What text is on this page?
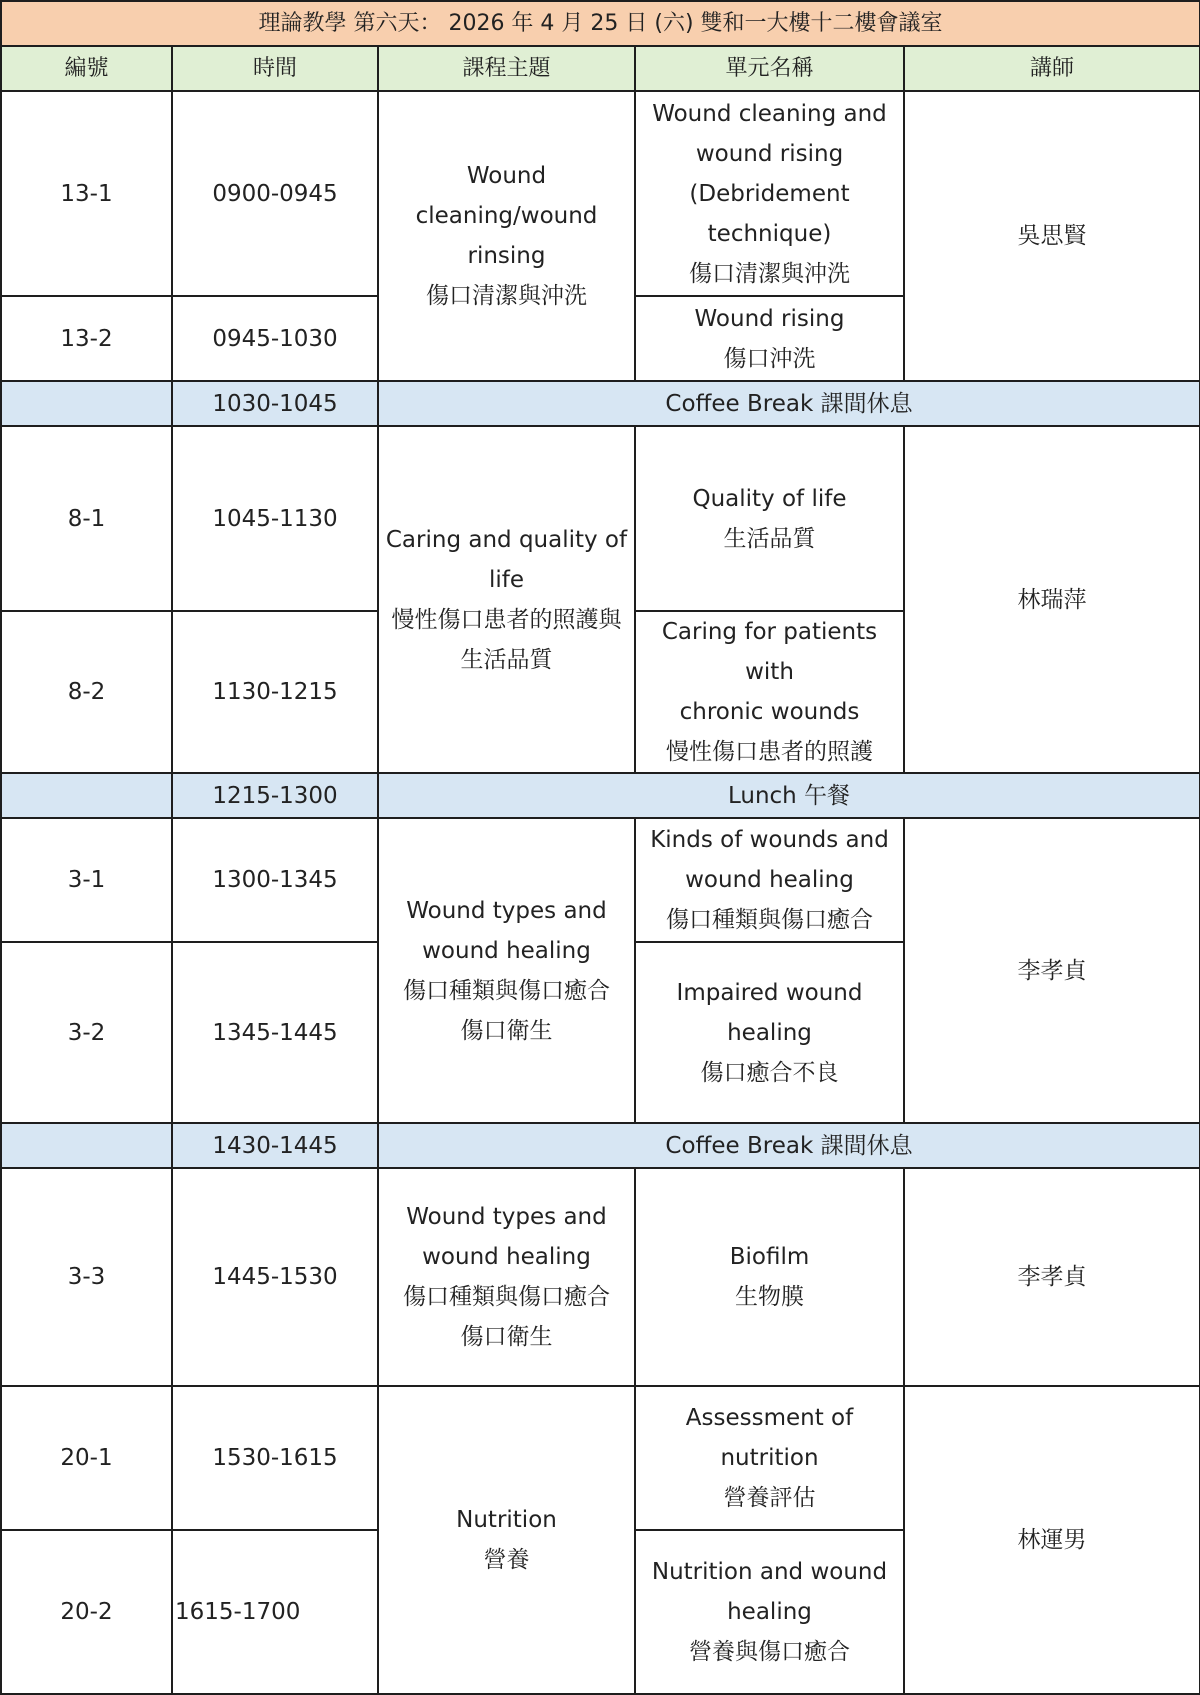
理論教學 第六天： 2026 年 4 月 25 日 (六) 雙和一大樓十二樓會議室				
編號	時間	課程主題	單元名稱	講師
13-1	0900-0945	Wound
cleaning/wound
rinsing
傷口清潔與沖洗	Wound cleaning and
wound rising
(Debridement
technique)
傷口清潔與沖洗	吳思賢
13-2	0945-1030		Wound rising
傷口沖洗	

	1030-1045	Coffee Break 課間休息		
8-1	1045-1130	Caring and quality of
life
慢性傷口患者的照護與
生活品質	Quality of life
生活品質	林瑞萍
8-2	1130-1215		Caring for patients with
chronic wounds
慢性傷口患者的照護	

	1215-1300	Lunch 午餐		
3-1	1300-1345	Wound types and
wound healing
傷口種類與傷口癒合
傷口衛生	Kinds of wounds and
wound healing
傷口種類與傷口癒合	李孝貞
3-2	1345-1445		Impaired wound
healing
傷口癒合不良	

	1430-1445	Coffee Break 課間休息		
3-3	1445-1530	Wound types and
wound healing
傷口種類與傷口癒合
傷口衛生	Biofilm
生物膜	李孝貞
20-1	1530-1615	Nutrition
營養	Assessment of nutrition
營養評估	林運男
20-2	1615-1700		Nutrition and wound
healing
營養與傷口癒合	
